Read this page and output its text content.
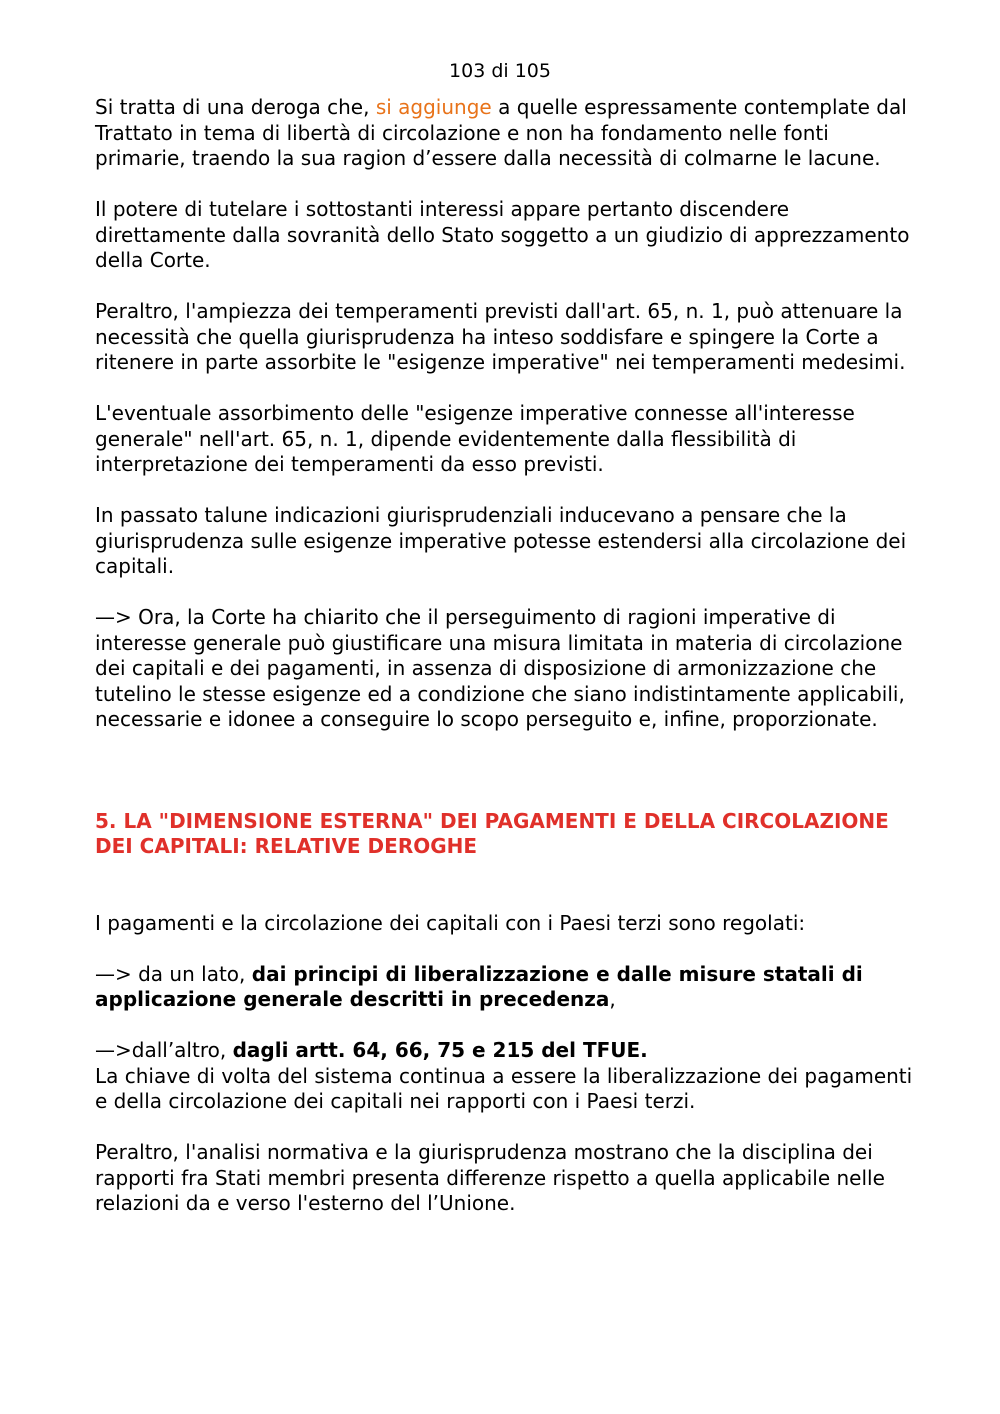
103 di 105

Si tratta di una deroga che, si aggiunge a quelle espressamente contemplate dal Trattato in tema di libertà di circolazione e non ha fondamento nelle fonti primarie, traendo la sua ragion d’essere dalla necessità di colmarne le lacune.

Il potere di tutelare i sottostanti interessi appare pertanto discendere direttamente dalla sovranità dello Stato soggetto a un giudizio di apprezzamento della Corte.

Peraltro, l'ampiezza dei temperamenti previsti dall'art. 65, n. 1, può attenuare la necessità che quella giurisprudenza ha inteso soddisfare e spingere la Corte a ritenere in parte assorbite le "esigenze imperative" nei temperamenti medesimi.

L'eventuale assorbimento delle "esigenze imperative connesse all'interesse generale" nell'art. 65, n. 1, dipende evidentemente dalla flessibilità di interpretazione dei temperamenti da esso previsti.

In passato talune indicazioni giurisprudenziali inducevano a pensare che la giurisprudenza sulle esigenze imperative potesse estendersi alla circolazione dei capitali.

—> Ora, la Corte ha chiarito che il perseguimento di ragioni imperative di interesse generale può giustificare una misura limitata in materia di circolazione dei capitali e dei pagamenti, in assenza di disposizione di armonizzazione che tutelino le stesse esigenze ed a condizione che siano indistintamente applicabili, necessarie e idonee a conseguire lo scopo perseguito e, infine, proporzionate.

5. LA "DIMENSIONE ESTERNA" DEI PAGAMENTI E DELLA CIRCOLAZIONE DEI CAPITALI: RELATIVE DEROGHE

I pagamenti e la circolazione dei capitali con i Paesi terzi sono regolati:

—> da un lato, dai principi di liberalizzazione e dalle misure statali di applicazione generale descritti in precedenza,

—>dall’altro, dagli artt. 64, 66, 75 e 215 del TFUE.

La chiave di volta del sistema continua a essere la liberalizzazione dei pagamenti e della circolazione dei capitali nei rapporti con i Paesi terzi.

Peraltro, l'analisi normativa e la giurisprudenza mostrano che la disciplina dei rapporti fra Stati membri presenta differenze rispetto a quella applicabile nelle relazioni da e verso l'esterno del l’Unione.
